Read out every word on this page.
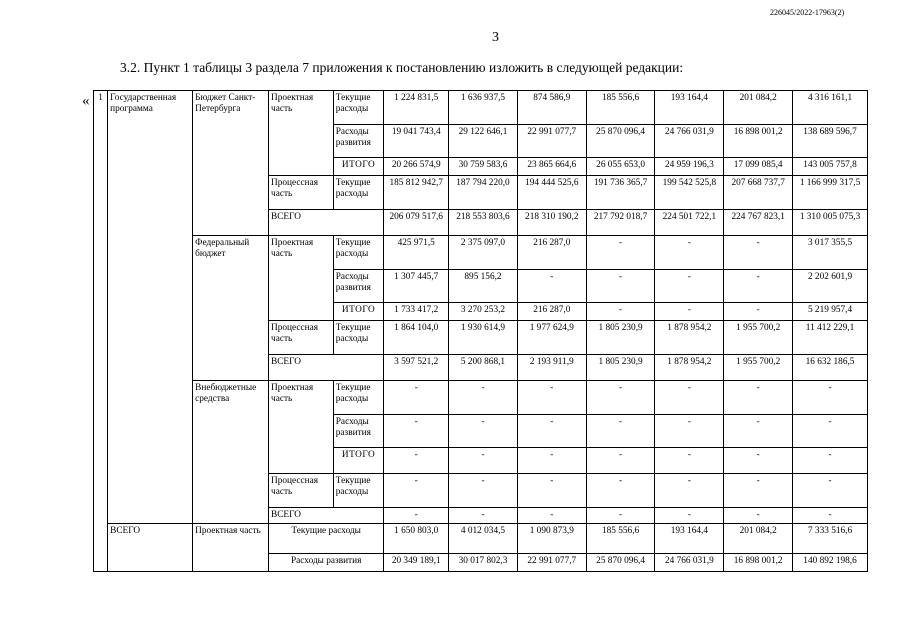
226045/2022-17963(2)
3
3.2. Пункт 1 таблицы 3 раздела 7 приложения к постановлению изложить в следующей редакции:
« 1	Государственная программа	Бюджет Санкт-Петербурга	Проектная часть	Текущие расходы	1 224 831,5	1 636 937,5	874 586,9	185 556,6	193 164,4	201 084,2	4 316 161,1
				Расходы развития	19 041 743,4	29 122 646,1	22 991 077,7	25 870 096,4	24 766 031,9	16 898 001,2	138 689 596,7
				ИТОГО	20 266 574,9	30 759 583,6	23 865 664,6	26 055 653,0	24 959 196,3	17 099 085,4	143 005 757,8
			Процессная часть	Текущие расходы	185 812 942,7	187 794 220,0	194 444 525,6	191 736 365,7	199 542 525,8	207 668 737,7	1 166 999 317,5
			ВСЕГО		206 079 517,6	218 553 803,6	218 310 190,2	217 792 018,7	224 501 722,1	224 767 823,1	1 310 005 075,3
		Федеральный бюджет	Проектная часть	Текущие расходы	425 971,5	2 375 097,0	216 287,0	-	-	-	3 017 355,5
				Расходы развития	1 307 445,7	895 156,2	-	-	-	-	2 202 601,9
				ИТОГО	1 733 417,2	3 270 253,2	216 287,0	-	-	-	5 219 957,4
			Процессная часть	Текущие расходы	1 864 104,0	1 930 614,9	1 977 624,9	1 805 230,9	1 878 954,2	1 955 700,2	11 412 229,1
			ВСЕГО		3 597 521,2	5 200 868,1	2 193 911,9	1 805 230,9	1 878 954,2	1 955 700,2	16 632 186,5
		Внебюджетные средства	Проектная часть	Текущие расходы	-	-	-	-	-	-	-
				Расходы развития	-	-	-	-	-	-	-
				ИТОГО	-	-	-	-	-	-	-
			Процессная часть	Текущие расходы	-	-	-	-	-	-	-
			ВСЕГО		-	-	-	-	-	-	-
	ВСЕГО	Проектная часть	Текущие расходы		1 650 803,0	4 012 034,5	1 090 873,9	185 556,6	193 164,4	201 084,2	7 333 516,6
			Расходы развития		20 349 189,1	30 017 802,3	22 991 077,7	25 870 096,4	24 766 031,9	16 898 001,2	140 892 198,6
